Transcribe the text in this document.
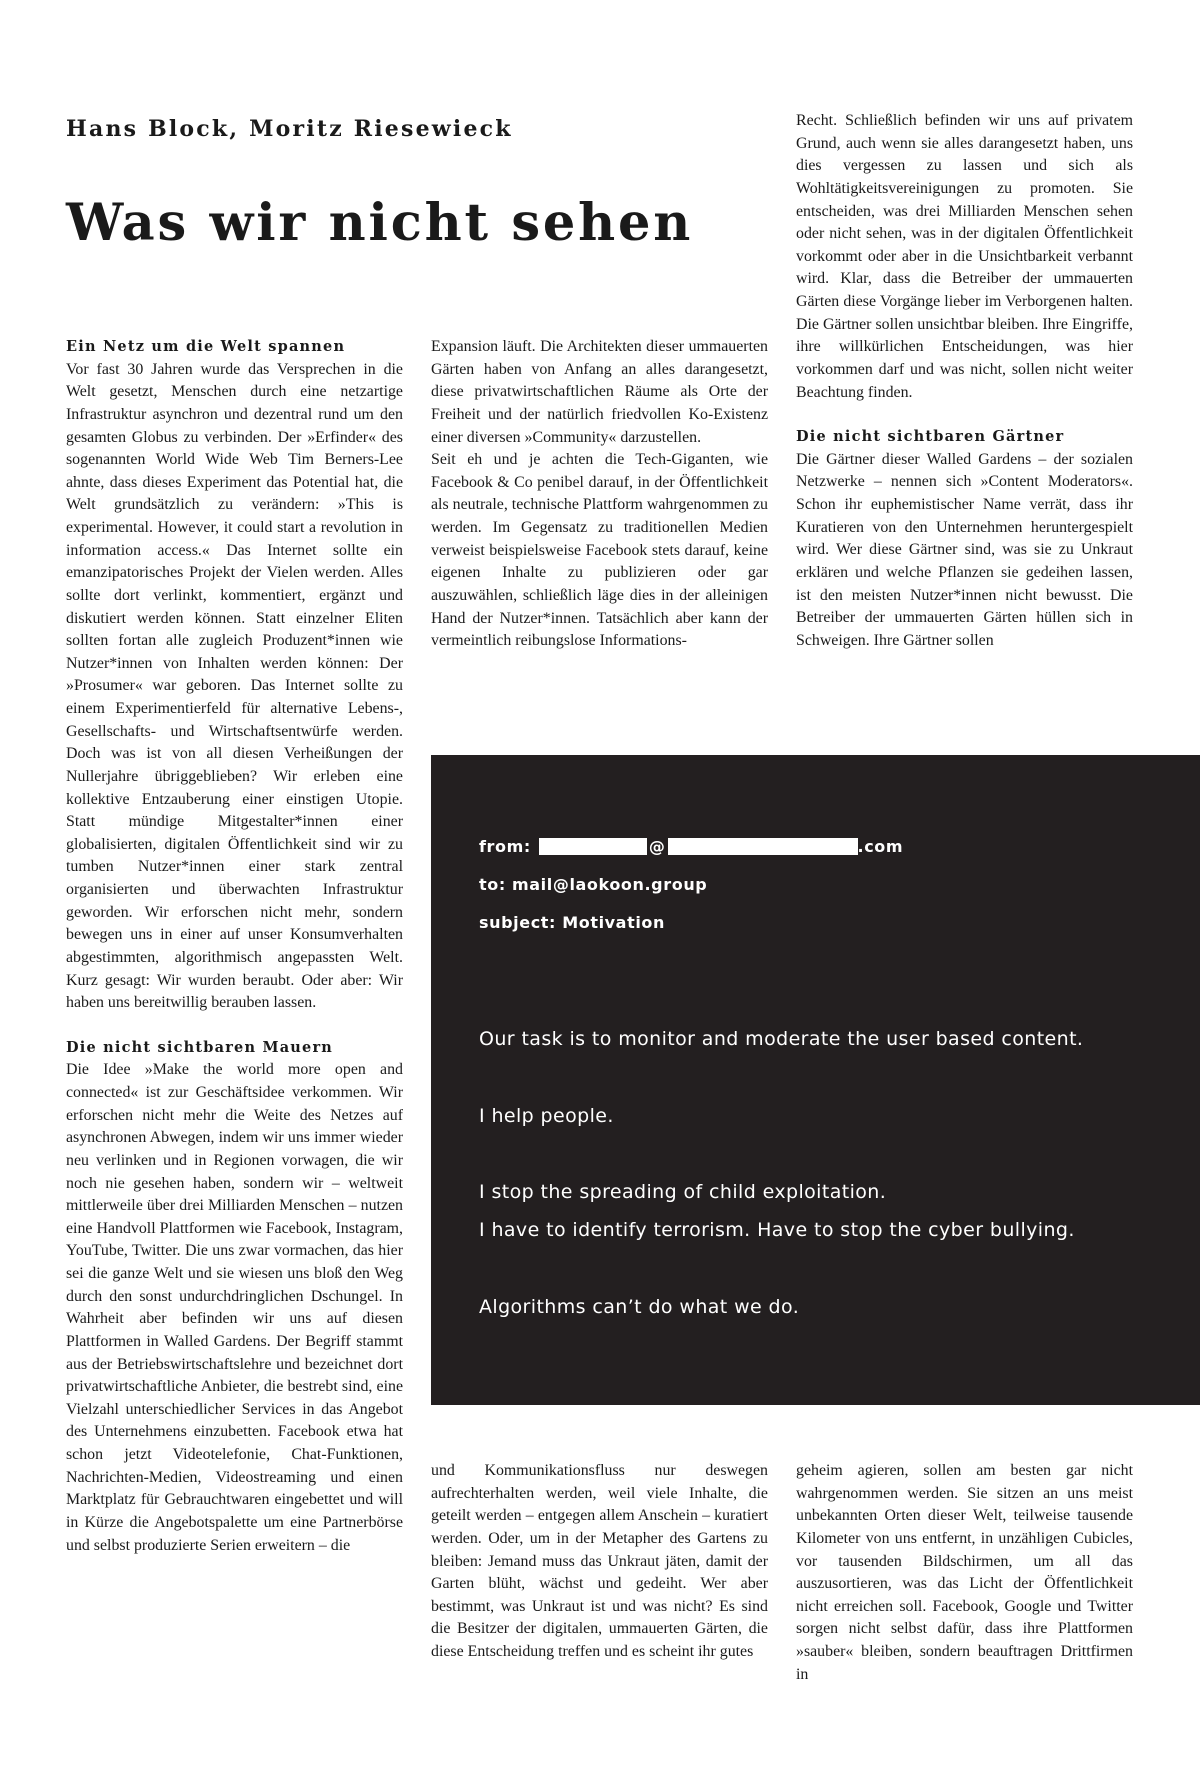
Hans Block, Moritz Riesewieck
Was wir nicht sehen
Ein Netz um die Welt spannen

Vor fast 30 Jahren wurde das Versprechen in die Welt gesetzt, Menschen durch eine netzartige Infrastruktur asynchron und dezentral rund um den gesamten Globus zu verbinden. Der »Erfinder« des sogenannten World Wide Web Tim Berners-Lee ahnte, dass dieses Experiment das Potential hat, die Welt grundsätzlich zu verändern: »This is experimental. However, it could start a revolution in information access.« Das Internet sollte ein emanzipatorisches Projekt der Vielen werden. Alles sollte dort verlinkt, kommentiert, ergänzt und diskutiert werden können. Statt einzelner Eliten sollten fortan alle zugleich Produzent*innen wie Nutzer*innen von Inhalten werden können: Der »Prosumer« war geboren. Das Internet sollte zu einem Experimentierfeld für alternative Lebens-, Gesellschafts- und Wirtschaftsentwürfe werden. Doch was ist von all diesen Verheißungen der Nullerjahre übriggeblieben? Wir erleben eine kollektive Entzauberung einer einstigen Utopie. Statt mündige Mitgestalter*innen einer globalisierten, digitalen Öffentlichkeit sind wir zu tumben Nutzer*innen einer stark zentral organisierten und überwachten Infrastruktur geworden. Wir erforschen nicht mehr, sondern bewegen uns in einer auf unser Konsumverhalten abgestimmten, algorithmisch angepassten Welt. Kurz gesagt: Wir wurden beraubt. Oder aber: Wir haben uns bereitwillig berauben lassen.

Die nicht sichtbaren Mauern

Die Idee »Make the world more open and connected« ist zur Geschäftsidee verkommen. Wir erforschen nicht mehr die Weite des Netzes auf asynchronen Abwegen, indem wir uns immer wieder neu verlinken und in Regionen vorwagen, die wir noch nie gesehen haben, sondern wir – weltweit mittlerweile über drei Milliarden Menschen – nutzen eine Handvoll Plattformen wie Facebook, Instagram, YouTube, Twitter. Die uns zwar vormachen, das hier sei die ganze Welt und sie wiesen uns bloß den Weg durch den sonst undurchdringlichen Dschungel. In Wahrheit aber befinden wir uns auf diesen Plattformen in Walled Gardens. Der Begriff stammt aus der Betriebswirtschaftslehre und bezeichnet dort privatwirtschaftliche Anbieter, die bestrebt sind, eine Vielzahl unterschiedlicher Services in das Angebot des Unternehmens einzubetten. Facebook etwa hat schon jetzt Videotelefonie, Chat-Funktionen, Nachrichten-Medien, Videostreaming und einen Marktplatz für Gebrauchtwaren eingebettet und will in Kürze die Angebotspalette um eine Partnerbörse und selbst produzierte Serien erweitern – die

Expansion läuft. Die Architekten dieser ummauerten Gärten haben von Anfang an alles darangesetzt, diese privatwirtschaftlichen Räume als Orte der Freiheit und der natürlich friedvollen Ko-Existenz einer diversen »Community« darzustellen.

Seit eh und je achten die Tech-Giganten, wie Facebook & Co penibel darauf, in der Öffentlichkeit als neutrale, technische Plattform wahrgenommen zu werden. Im Gegensatz zu traditionellen Medien verweist beispielsweise Facebook stets darauf, keine eigenen Inhalte zu publizieren oder gar auszuwählen, schließlich läge dies in der alleinigen Hand der Nutzer*innen. Tatsächlich aber kann der vermeintlich reibungslose Informations-

Recht. Schließlich befinden wir uns auf privatem Grund, auch wenn sie alles darangesetzt haben, uns dies vergessen zu lassen und sich als Wohltätigkeitsvereinigungen zu promoten. Sie entscheiden, was drei Milliarden Menschen sehen oder nicht sehen, was in der digitalen Öffentlichkeit vorkommt oder aber in die Unsichtbarkeit verbannt wird. Klar, dass die Betreiber der ummauerten Gärten diese Vorgänge lieber im Verborgenen halten. Die Gärtner sollen unsichtbar bleiben. Ihre Eingriffe, ihre willkürlichen Entscheidungen, was hier vorkommen darf und was nicht, sollen nicht weiter Beachtung finden.

Die nicht sichtbaren Gärtner

Die Gärtner dieser Walled Gardens – der sozialen Netzwerke – nennen sich »Content Moderators«. Schon ihr euphemistischer Name verrät, dass ihr Kuratieren von den Unternehmen heruntergespielt wird. Wer diese Gärtner sind, was sie zu Unkraut erklären und welche Pflanzen sie gedeihen lassen, ist den meisten Nutzer*innen nicht bewusst. Die Betreiber der ummauerten Gärten hüllen sich in Schweigen. Ihre Gärtner sollen

from:	@	.com
to: mail@laokoon.group
subject: Motivation
Our task is to monitor and moderate the user based content.
I help people.
I stop the spreading of child exploitation.
I have to identify terrorism. Have to stop the cyber bullying.
Algorithms can’t do what we do.

und Kommunikationsfluss nur deswegen aufrechterhalten werden, weil viele Inhalte, die geteilt werden – entgegen allem Anschein – kuratiert werden. Oder, um in der Metapher des Gartens zu bleiben: Jemand muss das Unkraut jäten, damit der Garten blüht, wächst und gedeiht. Wer aber bestimmt, was Unkraut ist und was nicht? Es sind die Besitzer der digitalen, ummauerten Gärten, die diese Entscheidung treffen und es scheint ihr gutes

geheim agieren, sollen am besten gar nicht wahrgenommen werden. Sie sitzen an uns meist unbekannten Orten dieser Welt, teilweise tausende Kilometer von uns entfernt, in unzähligen Cubicles, vor tausenden Bildschirmen, um all das auszusortieren, was das Licht der Öffentlichkeit nicht erreichen soll. Facebook, Google und Twitter sorgen nicht selbst dafür, dass ihre Plattformen »sauber« bleiben, sondern beauftragen Drittfirmen in
